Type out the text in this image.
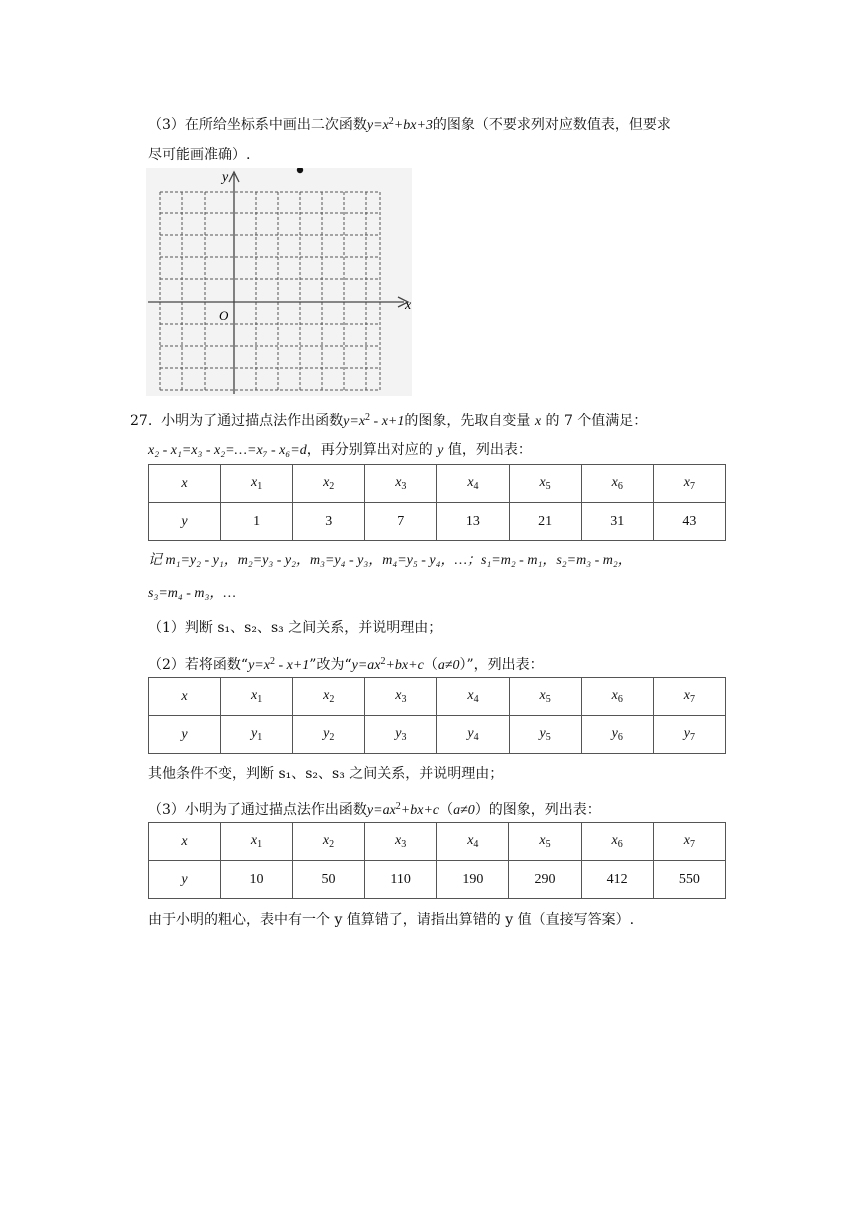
（3）在所给坐标系中画出二次函数$y=x^2+bx+3$的图象（不要求列对应数值表，但要求
尽可能画准确）.
x
y
O
27. 小明为了通过描点法作出函数$y=x^2 - x+1$的图象，先取自变量 x 的 7 个值满足：
x₂ - x₁=x₃ - x₂=…=x₇ - x₆=d，再分别算出对应的 y 值，列出表：
x	$x_1$	$x_2$	$x_3$	$x_4$	$x_5$	$x_6$	$x_7$
y	1	3	7	13	21	31	43
记 m₁=y₂ - y₁，m₂=y₃ - y₂，m₃=y₄ - y₃，m₄=y₅ - y₄，…；s₁=m₂ - m₁，s₂=m₃ - m₂，
s₃=m₄ - m₃，…
（1）判断 s₁、s₂、s₃ 之间关系，并说明理由；
（2）若将函数“$y=x^2 - x+1$”改为“$y=ax^2+bx+c(a\ne 0)$”，列出表：
x	$x_1$	$x_2$	$x_3$	$x_4$	$x_5$	$x_6$	$x_7$
y	$y_1$	$y_2$	$y_3$	$y_4$	$y_5$	$y_6$	$y_7$
其他条件不变，判断 s₁、s₂、s₃ 之间关系，并说明理由；
（3）小明为了通过描点法作出函数$y=ax^2+bx+c(a\ne 0)$的图象，列出表：
x	$x_1$	$x_2$	$x_3$	$x_4$	$x_5$	$x_6$	$x_7$
y	10	50	110	190	290	412	550
由于小明的粗心，表中有一个 y 值算错了，请指出算错的 y 值（直接写答案）.
